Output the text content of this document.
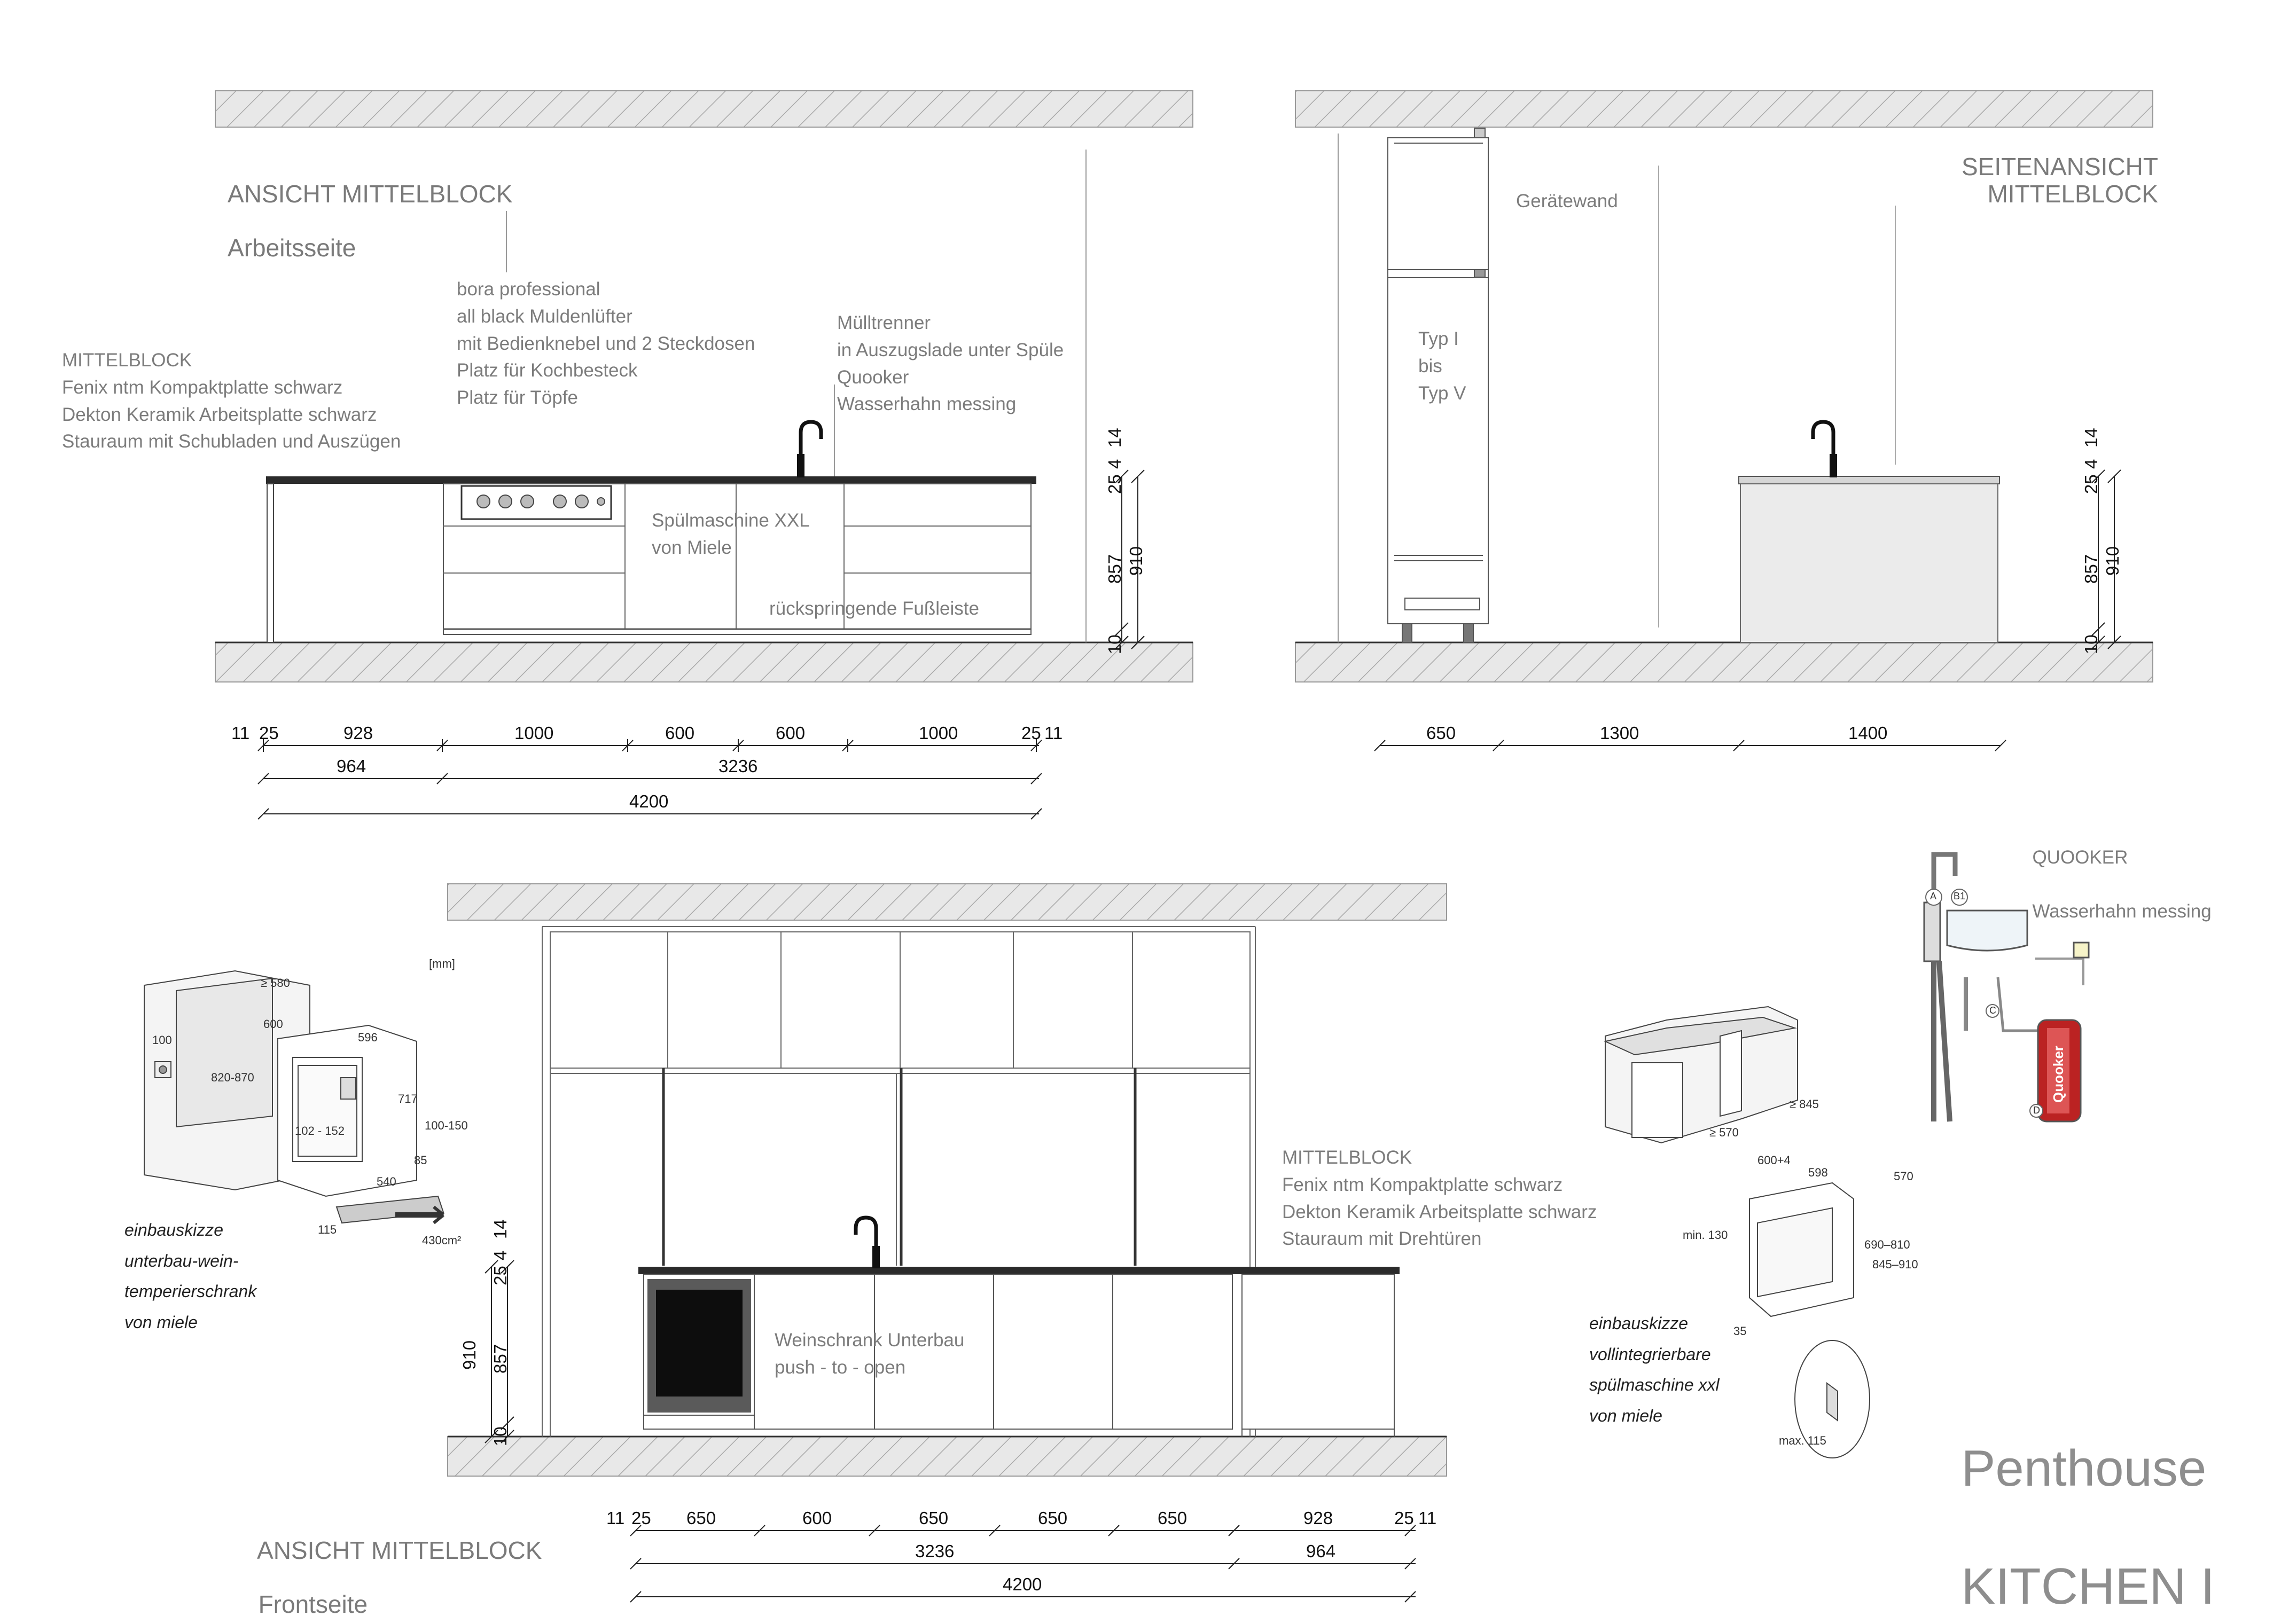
ANSICHT MITTELBLOCK

Arbeitsseite

MITTELBLOCK
Fenix ntm Kompaktplatte schwarz
Dekton Keramik Arbeitsplatte schwarz
Stauraum mit Schubladen und Auszügen
bora professional
all black Muldenlüfter
mit Bedienknebel und 2 Steckdosen
Platz für Kochbesteck
Platz für Töpfe
Mülltrenner
in Auszugslade unter Spüle
Quooker
Wasserhahn messing
Spülmaschine XXL
von Miele
rückspringende Fußleiste
14
4
25
857 910
10
11 25	928	1000	600	600	1000	25 11
964	3236
4200
SEITENANSICHT
MITTELBLOCK
Gerätewand
Typ I
bis
Typ V
14
4
25
857 910
10
650	1300	1400

ANSICHT MITTELBLOCK

Frontseite

MITTELBLOCK
Fenix ntm Kompaktplatte schwarz
Dekton Keramik Arbeitsplatte schwarz
Stauraum mit Drehtüren
Weinschrank Unterbau
push - to - open
14
4
25
857
910
10
11 25 650	600	650	650	650	928	25 11
3236	964
4200
einbauskizze
unterbau-wein-
temperierschrank
von miele
[mm]
≥ 580
600
100
820-870
596
717
102 - 152	100-150
85
540
115
430cm²
einbauskizze
vollintegrierbare
spülmaschine xxl
von miele
≥ 845
≥ 570
600+4
598	570
min. 130
690–810
845–910
35
max. 115

QUOOKER

Wasserhahn messing

Quooker
A B1
C
D

Penthouse

KITCHEN I
